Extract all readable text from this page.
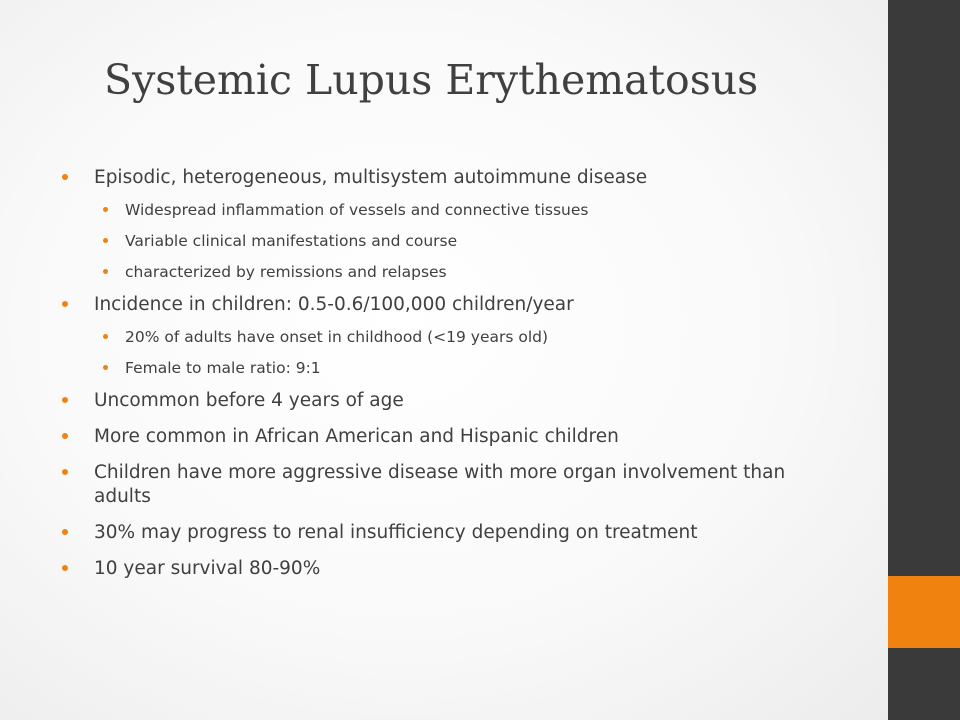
Systemic Lupus Erythematosus
Episodic, heterogeneous, multisystem autoimmune disease
Widespread inflammation of vessels and connective tissues
Variable clinical manifestations and course
characterized by remissions and relapses
Incidence in children: 0.5-0.6/100,000 children/year
20% of adults have onset in childhood (<19 years old)
Female to male ratio: 9:1
Uncommon before 4 years of age
More common in African American and Hispanic children
Children have more aggressive disease with more organ involvement than adults
30% may progress to renal insufficiency depending on treatment
10 year survival 80-90%
